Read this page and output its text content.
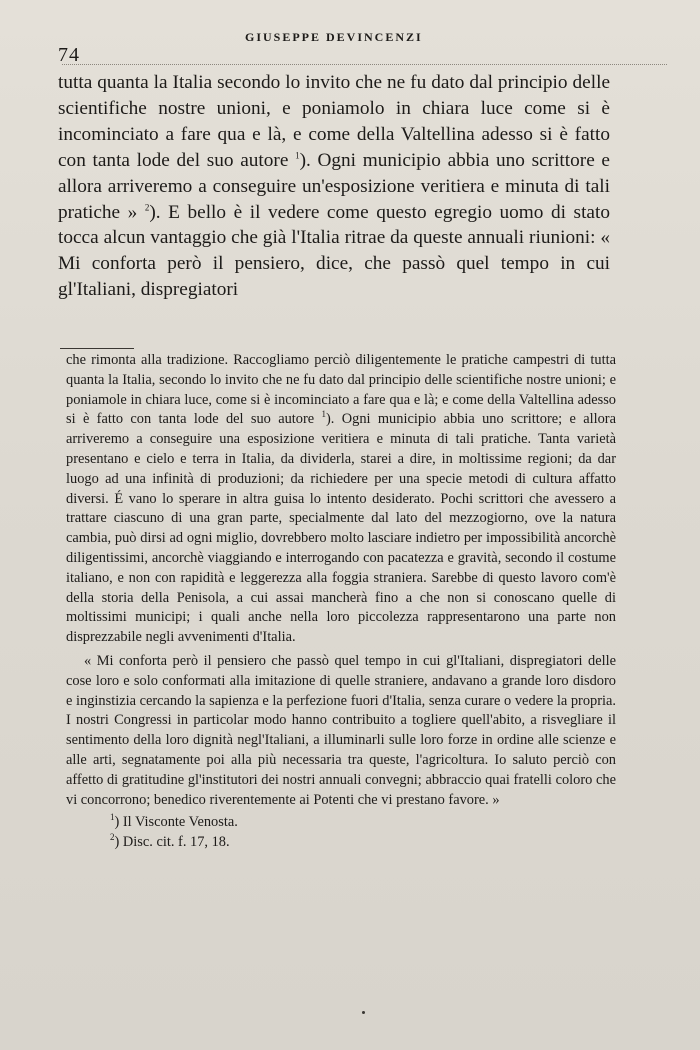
74
GIUSEPPE DEVINCENZI

tutta quanta la Italia secondo lo invito che ne fu dato dal principio delle scientifiche nostre unioni, e poniamolo in chiara luce come si è incominciato a fare qua e là, e come della Valtellina adesso si è fatto con tanta lode del suo autore $^1$). Ogni municipio abbia uno scrittore e allora arriveremo a conseguire un'esposizione veritiera e minuta di tali pratiche » $^2$). E bello è il vedere come questo egregio uomo di stato tocca alcun vantaggio che già l'Italia ritrae da queste annuali riunioni: « Mi conforta però il pensiero, dice, che passò quel tempo in cui gl'Italiani, dispregiatori

che rimonta alla tradizione. Raccogliamo perciò diligentemente le pratiche campestri di tutta quanta la Italia, secondo lo invito che ne fu dato dal principio delle scientifiche nostre unioni; e poniamole in chiara luce, come si è incominciato a fare qua e là; e come della Valtellina adesso si è fatto con tanta lode del suo autore $^1$). Ogni municipio abbia uno scrittore; e allora arriveremo a conseguire una esposizione veritiera e minuta di tali pratiche. Tanta varietà presentano e cielo e terra in Italia, da dividerla, starei a dire, in moltissime regioni; da dar luogo ad una infinità di produzioni; da richiedere per una specie metodi di cultura affatto diversi. É vano lo sperare in altra guisa lo intento desiderato. Pochi scrittori che avessero a trattare ciascuno di una gran parte, specialmente dal lato del mezzogiorno, ove la natura cambia, può dirsi ad ogni miglio, dovrebbero molto lasciare indietro per impossibilità ancorchè diligentissimi, ancorchè viaggiando e interrogando con pacatezza e gravità, secondo il costume italiano, e non con rapidità e leggerezza alla foggia straniera. Sarebbe di questo lavoro com'è della storia della Penisola, a cui assai mancherà fino a che non si conoscano quelle di moltissimi municipi; i quali anche nella loro piccolezza rappresentarono una parte non disprezzabile negli avvenimenti d'Italia.

« Mi conforta però il pensiero che passò quel tempo in cui gl'Italiani, dispregiatori delle cose loro e solo conformati alla imitazione di quelle straniere, andavano a grande loro disdoro e inginstizia cercando la sapienza e la perfezione fuori d'Italia, senza curare o vedere la propria. I nostri Congressi in particolar modo hanno contribuito a togliere quell'abito, a risvegliare il sentimento della loro dignità negl'Italiani, a illuminarli sulle loro forze in ordine alle scienze e alle arti, segnatamente poi alla più necessaria tra queste, l'agricoltura. Io saluto perciò con affetto di gratitudine gl'institutori dei nostri annuali convegni; abbraccio quai fratelli coloro che vi concorrono; benedico riverentemente ai Potenti che vi prestano favore. »

$^1$) Il Visconte Venosta.
$^2$) Disc. cit. f. 17, 18.
